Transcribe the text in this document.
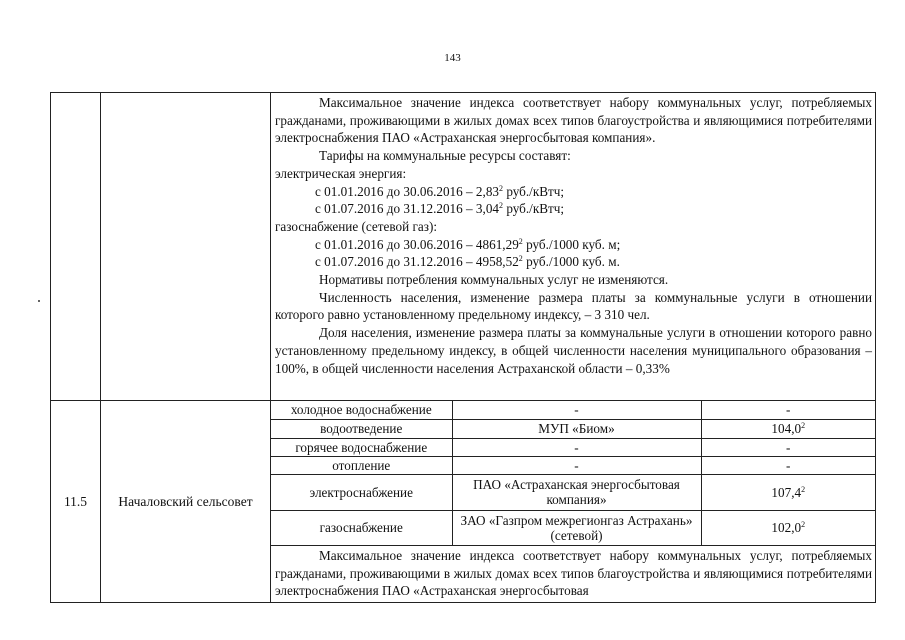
143

Максимальное значение индекса соответствует набору коммунальных услуг, потребляемых гражданами, проживающими в жилых домах всех типов благоустройства и являющимися потребителями электроснабжения ПАО «Астраханская энергосбытовая компания».

Тарифы на коммунальные ресурсы составят:

электрическая энергия:

с 01.01.2016 до 30.06.2016 – 2,83$^2$ руб./кВтч;

с 01.07.2016 до 31.12.2016 – 3,04$^2$ руб./кВтч;

газоснабжение (сетевой газ):

с 01.01.2016 до 30.06.2016 – 4861,29$^2$ руб./1000 куб. м;

с 01.07.2016 до 31.12.2016 – 4958,52$^2$ руб./1000 куб. м.

Нормативы потребления коммунальных услуг не изменяются.

Численность населения, изменение размера платы за коммунальные услуги в отношении которого равно установленному предельному индексу, – 3 310 чел.

Доля населения, изменение размера платы за коммунальные услуги в отношении которого равно установленному предельному индексу, в общей численности населения муниципального образования – 100%, в общей численности населения Астраханской области – 0,33%

11.5	Началовский сельсовет	
холодное водоснабжение	-	-
водоотведение	МУП «Биом»	104,0$^2$
горячее водоснабжение	-	-
отопление	-	-
электроснабжение	ПАО «Астраханская энергосбытовая компания»	107,4$^2$
газоснабжение	ЗАО «Газпром межрегионгаз Астрахань» (сетевой)	102,0$^2$

Максимальное значение индекса соответствует набору коммунальных услуг, потребляемых гражданами, проживающими в жилых домах всех типов благоустройства и являющимися потребителями электроснабжения ПАО «Астраханская энергосбытовая
